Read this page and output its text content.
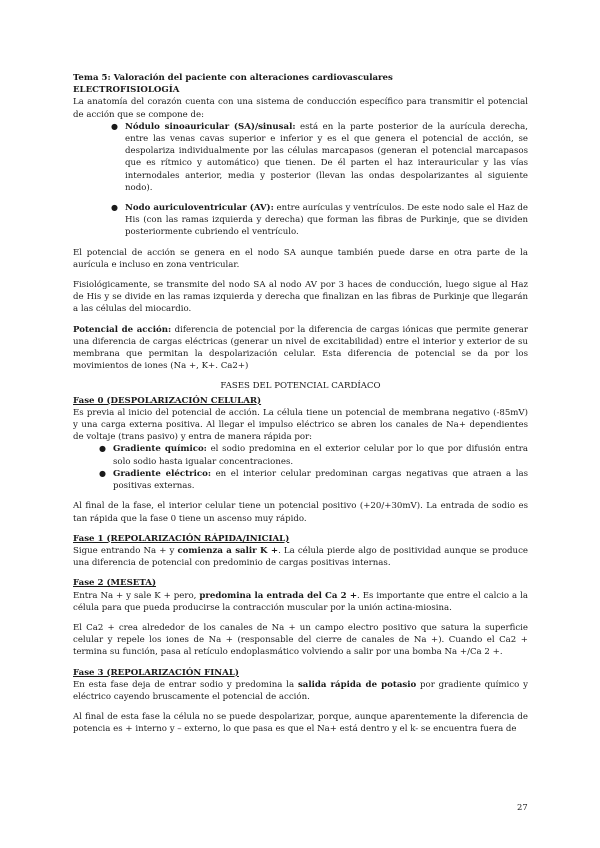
Tema 5: Valoración del paciente con alteraciones cardiovasculares
ELECTROFISIOLOGÍA

La anatomía del corazón cuenta con una sistema de conducción específico para transmitir el potencial de acción que se compone de:

● Nódulo sinoauricular (SA)/sinusal: está en la parte posterior de la aurícula derecha, entre las venas cavas superior e inferior y es el que genera el potencial de acción, se despolariza individualmente por las células marcapasos (generan el potencial marcapasos que es rítmico y automático) que tienen. De él parten el haz interauricular y las vías internodales anterior, media y posterior (llevan las ondas despolarizantes al siguiente nodo).
● Nodo auriculoventricular (AV): entre aurículas y ventrículos. De este nodo sale el Haz de His (con las ramas izquierda y derecha) que forman las fibras de Purkinje, que se dividen posteriormente cubriendo el ventrículo.

El potencial de acción se genera en el nodo SA aunque también puede darse en otra parte de la aurícula e incluso en zona ventricular.

Fisiológicamente, se transmite del nodo SA al nodo AV por 3 haces de conducción, luego sigue al Haz de His y se divide en las ramas izquierda y derecha que finalizan en las fibras de Purkinje que llegarán a las células del miocardio.

Potencial de acción: diferencia de potencial por la diferencia de cargas iónicas que permite generar una diferencia de cargas eléctricas (generar un nivel de excitabilidad) entre el interior y exterior de su membrana que permitan la despolarización celular. Esta diferencia de potencial se da por los movimientos de iones (Na +, K+. Ca2+)

FASES DEL POTENCIAL CARDÍACO
Fase 0 (DESPOLARIZACIÓN CELULAR)

Es previa al inicio del potencial de acción. La célula tiene un potencial de membrana negativo (-85mV) y una carga externa positiva. Al llegar el impulso eléctrico se abren los canales de Na+ dependientes de voltaje (trans pasivo) y entra de manera rápida por:

● Gradiente químico: el sodio predomina en el exterior celular por lo que por difusión entra solo sodio hasta igualar concentraciones.
● Gradiente eléctrico: en el interior celular predominan cargas negativas que atraen a las positivas externas.

Al final de la fase, el interior celular tiene un potencial positivo (+20/+30mV). La entrada de sodio es tan rápida que la fase 0 tiene un ascenso muy rápido.

Fase 1 (REPOLARIZACIÓN RÁPIDA/INICIAL)

Sigue entrando Na + y comienza a salir K +. La célula pierde algo de positividad aunque se produce una diferencia de potencial con predominio de cargas positivas internas.

Fase 2 (MESETA)

Entra Na + y sale K + pero, predomina la entrada del Ca 2 +. Es importante que entre el calcio a la célula para que pueda producirse la contracción muscular por la unión actina-miosina.

El Ca2 + crea alrededor de los canales de Na + un campo electro positivo que satura la superficie celular y repele los iones de Na + (responsable del cierre de canales de Na +). Cuando el Ca2 + termina su función, pasa al retículo endoplasmático volviendo a salir por una bomba Na +/Ca 2 +.

Fase 3 (REPOLARIZACIÓN FINAL)

En esta fase deja de entrar sodio y predomina la salida rápida de potasio por gradiente químico y eléctrico cayendo bruscamente el potencial de acción.

Al final de esta fase la célula no se puede despolarizar, porque, aunque aparentemente la diferencia de potencia es + interno y – externo, lo que pasa es que el Na+ está dentro y el k- se encuentra fuera de

27
